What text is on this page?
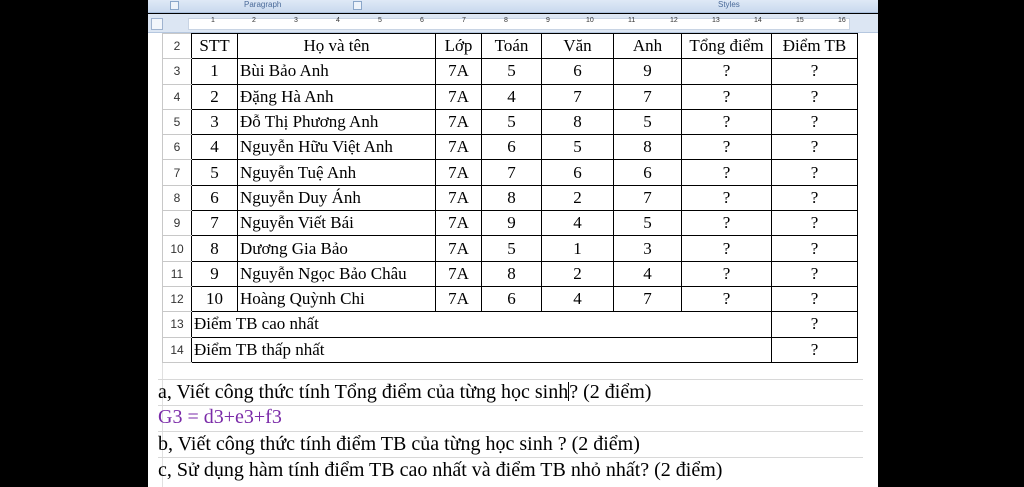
Paragraph	Styles
1	2	3	4	5	6	7	8	9	10	11	12	13	14	15	16
2	STT	Họ và tên	Lớp	Toán	Văn	Anh	Tổng điểm	Điểm TB
3	1	Bùi Bảo Anh	7A	5	6	9	?	?
4	2	Đặng Hà Anh	7A	4	7	7	?	?
5	3	Đỗ Thị Phương Anh	7A	5	8	5	?	?
6	4	Nguyễn Hữu Việt Anh	7A	6	5	8	?	?
7	5	Nguyễn Tuệ Anh	7A	7	6	6	?	?
8	6	Nguyễn Duy Ánh	7A	8	2	7	?	?
9	7	Nguyễn Viết Bái	7A	9	4	5	?	?
10	8	Dương Gia Bảo	7A	5	1	3	?	?
11	9	Nguyễn Ngọc Bảo Châu	7A	8	2	4	?	?
12	10	Hoàng Quỳnh Chi	7A	6	4	7	?	?
13	Điểm TB cao nhất							?
14	Điểm TB thấp nhất							?
a, Viết công thức tính Tổng điểm của từng học sinh? (2 điểm)
G3 = d3+e3+f3
b, Viết công thức tính điểm TB của từng học sinh ? (2 điểm)
c, Sử dụng hàm tính điểm TB cao nhất và điểm TB nhỏ nhất? (2 điểm)
